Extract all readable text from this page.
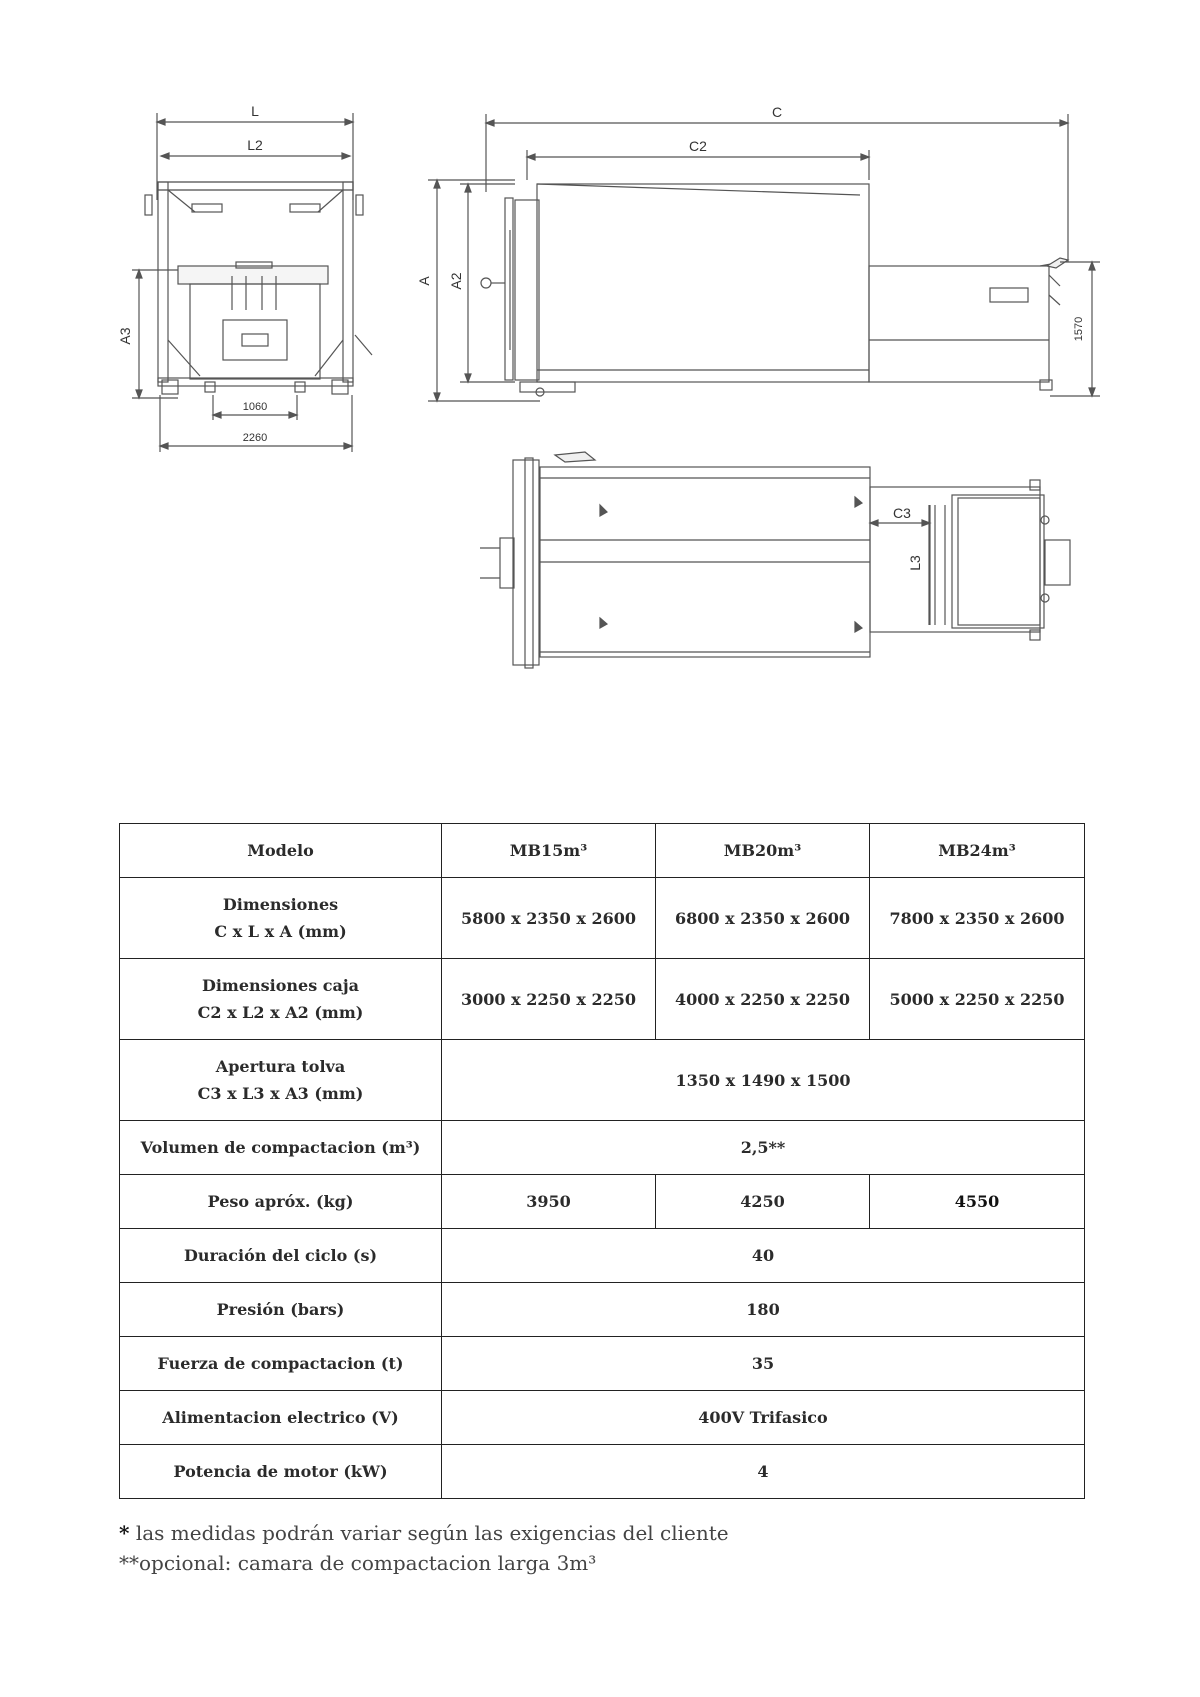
L
L2
A3
1060
2260
C
C2
1570
A A2
C3
L3
Modelo	MB15m³	MB20m³	MB24m³

Dimensiones
C x L x A (mm)	5800 x 2350 x 2600	6800 x 2350 x 2600	7800 x 2350 x 2600

Dimensiones caja
C2 x L2 x A2 (mm)	3000 x 2250 x 2250	4000 x 2250 x 2250	5000 x 2250 x 2250

Apertura tolva
C3 x L3 x A3 (mm)	1350 x 1490 x 1500		
Volumen de compactacion (m³)	2,5**		
Peso apróx. (kg)	3950	4250	4550
Duración del ciclo (s)	40		
Presión (bars)	180		
Fuerza de compactacion (t)	35		
Alimentacion electrico (V)	400V Trifasico		
Potencia de motor (kW)	4		
* las medidas podrán variar según las exigencias del cliente
**opcional: camara de compactacion larga 3m³
